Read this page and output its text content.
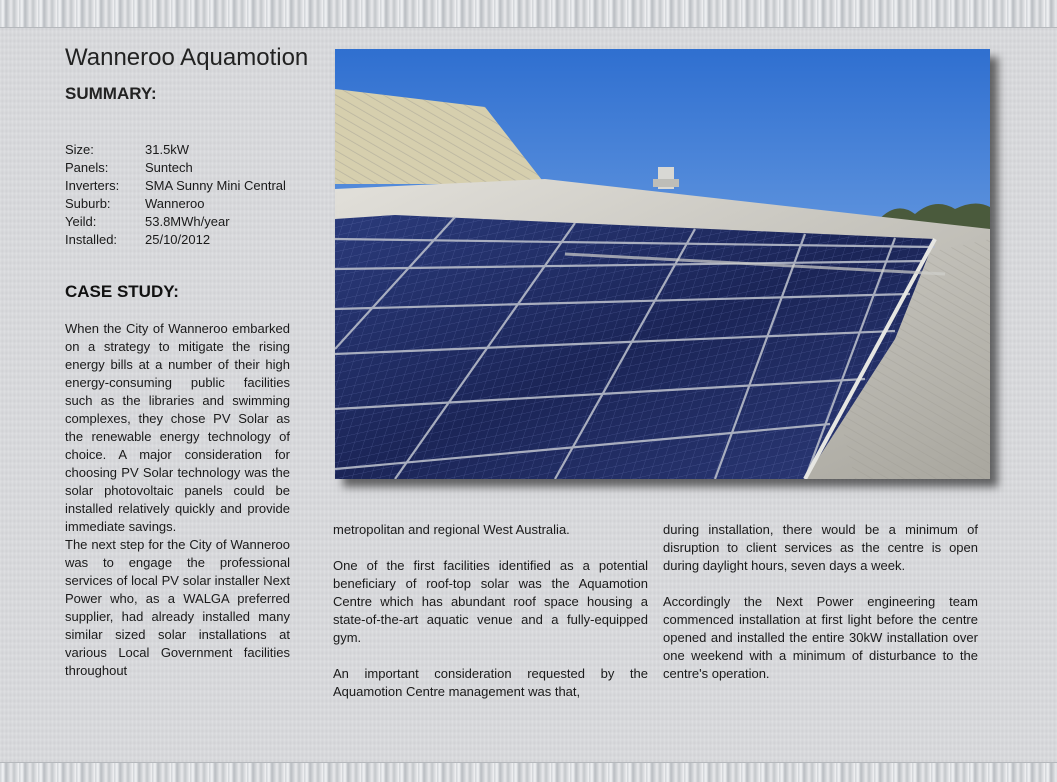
Wanneroo Aquamotion
SUMMARY:
Size:	31.5kW
Panels:	Suntech
Inverters:	SMA Sunny Mini Central
Suburb:	Wanneroo
Yeild:	53.8MWh/year
Installed:	25/10/2012
CASE STUDY:

When the City of Wanneroo embarked on a strategy to mitigate the rising energy bills at a number of their high energy-consuming public facilities such as the libraries and swimming complexes, they chose PV Solar as the renewable energy technology of choice. A major consideration for choosing PV Solar technology was the solar photovoltaic panels could be installed relatively quickly and provide immediate savings.

The next step for the City of Wanneroo was to engage the professional services of local PV solar installer Next Power who, as a WALGA preferred supplier, had already installed many similar sized solar installations at various Local Government facilities throughout

metropolitan and regional West Australia.

One of the first facilities identified as a potential beneficiary of roof-top solar was the Aquamotion Centre which has abundant roof space housing a state-of-the-art aquatic venue and a fully-equipped gym.

An important consideration requested by the Aquamotion Centre management was that,

during installation, there would be a minimum of disruption to client services as the centre is open during daylight hours, seven days a week.

Accordingly the Next Power engineering team commenced installation at first light before the centre opened and installed the entire 30kW installation over one weekend with a minimum of disturbance to the centre's operation.
